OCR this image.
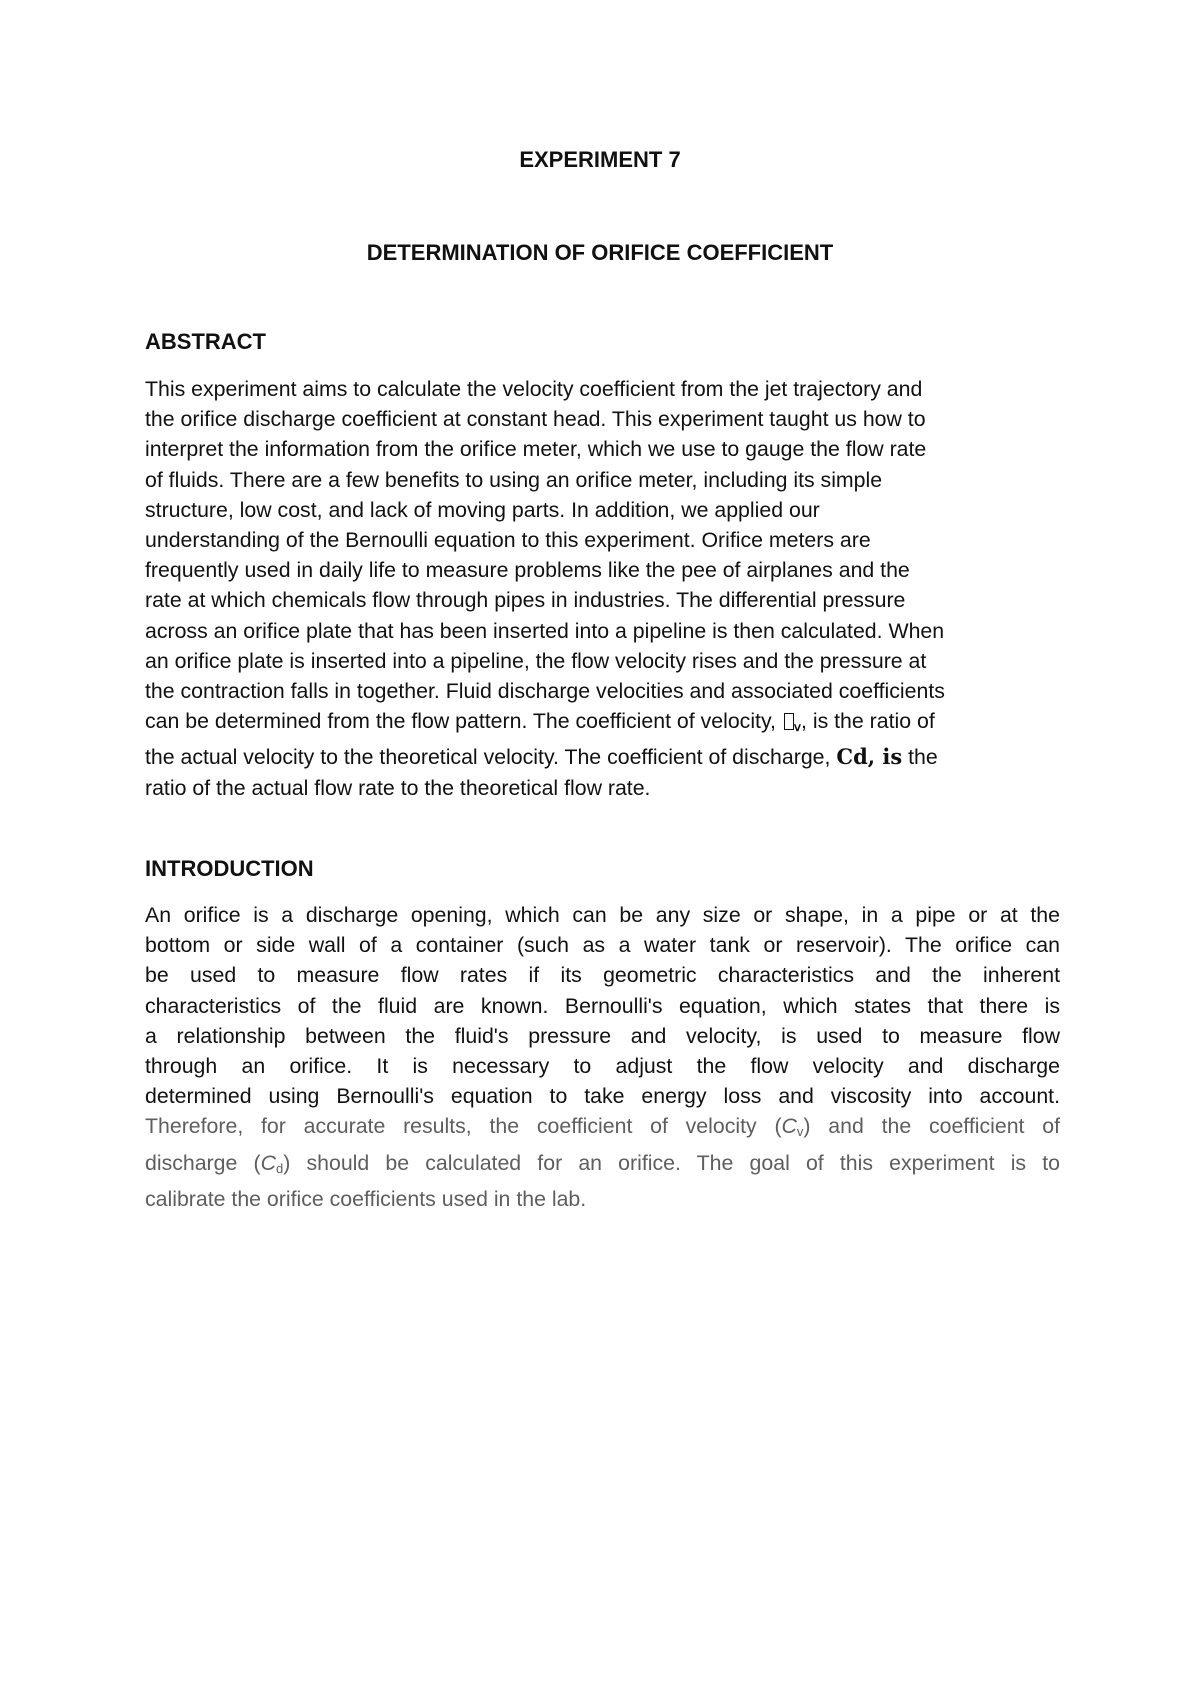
EXPERIMENT 7
DETERMINATION OF ORIFICE COEFFICIENT
ABSTRACT
This experiment aims to calculate the velocity coefficient from the jet trajectory and
the orifice discharge coefficient at constant head. This experiment taught us how to
interpret the information from the orifice meter, which we use to gauge the flow rate
of fluids. There are a few benefits to using an orifice meter, including its simple
structure, low cost, and lack of moving parts. In addition, we applied our
understanding of the Bernoulli equation to this experiment. Orifice meters are
frequently used in daily life to measure problems like the pee of airplanes and the
rate at which chemicals flow through pipes in industries. The differential pressure
across an orifice plate that has been inserted into a pipeline is then calculated. When
an orifice plate is inserted into a pipeline, the flow velocity rises and the pressure at
the contraction falls in together. Fluid discharge velocities and associated coefficients
can be determined from the flow pattern. The coefficient of velocity, ⅴ, is the ratio of
the actual velocity to the theoretical velocity. The coefficient of discharge, Cd, is the
ratio of the actual flow rate to the theoretical flow rate.
INTRODUCTION
An orifice is a discharge opening, which can be any size or shape, in a pipe or at the
bottom or side wall of a container (such as a water tank or reservoir). The orifice can
be used to measure flow rates if its geometric characteristics and the inherent
characteristics of the fluid are known. Bernoulli's equation, which states that there is
a relationship between the fluid's pressure and velocity, is used to measure flow
through an orifice. It is necessary to adjust the flow velocity and discharge
determined using Bernoulli's equation to take energy loss and viscosity into account.
Therefore, for accurate results, the coefficient of velocity $(C_v)$ and the coefficient of
discharge $(C_d)$ should be calculated for an orifice. The goal of this experiment is to
calibrate the orifice coefficients used in the lab.
